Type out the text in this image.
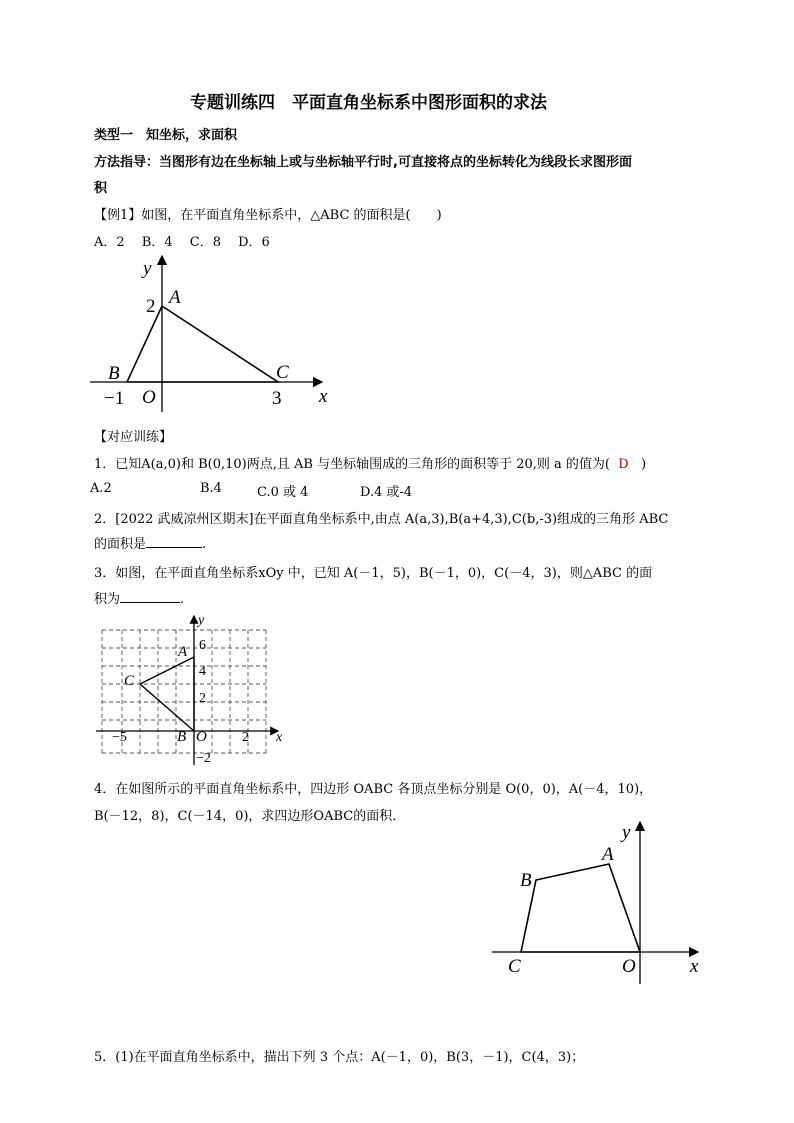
专题训练四　平面直角坐标系中图形面积的求法
类型一　知坐标，求面积
方法指导：当图形有边在坐标轴上或与坐标轴平行时,可直接将点的坐标转化为线段长求图形面
积
【例1】如图，在平面直角坐标系中，△ABC 的面积是(　　)
A．2　 B．4　 C．8　 D．6
x
y
O
A
B	C
2
−1	3
【对应训练】
1．已知A(a,0)和 B(0,10)两点,且 AB 与坐标轴围成的三角形的面积等于 20,则 a 的值为( D )
A.2	B.4	C.0 或 4	D.4 或-4
2．[2022 武威凉州区期末]在平面直角坐标系中,由点 A(a,3),B(a+4,3),C(b,-3)组成的三角形 ABC
的面积是	.
3．如图，在平面直角坐标系xOy 中，已知 A(－1，5)，B(－1，0)，C(－4，3)，则△ABC 的面
积为	.
x
y
A
B
C
O
6
4
2
−2
−5	2
4．在如图所示的平面直角坐标系中，四边形 OABC 各顶点坐标分别是 O(0，0)，A(－4，10)，
B(－12，8)，C(－14，0)，求四边形OABC的面积．
x
y
A
B
C	O
5．(1)在平面直角坐标系中，描出下列 3 个点：A(－1，0)，B(3，－1)，C(4，3)；
